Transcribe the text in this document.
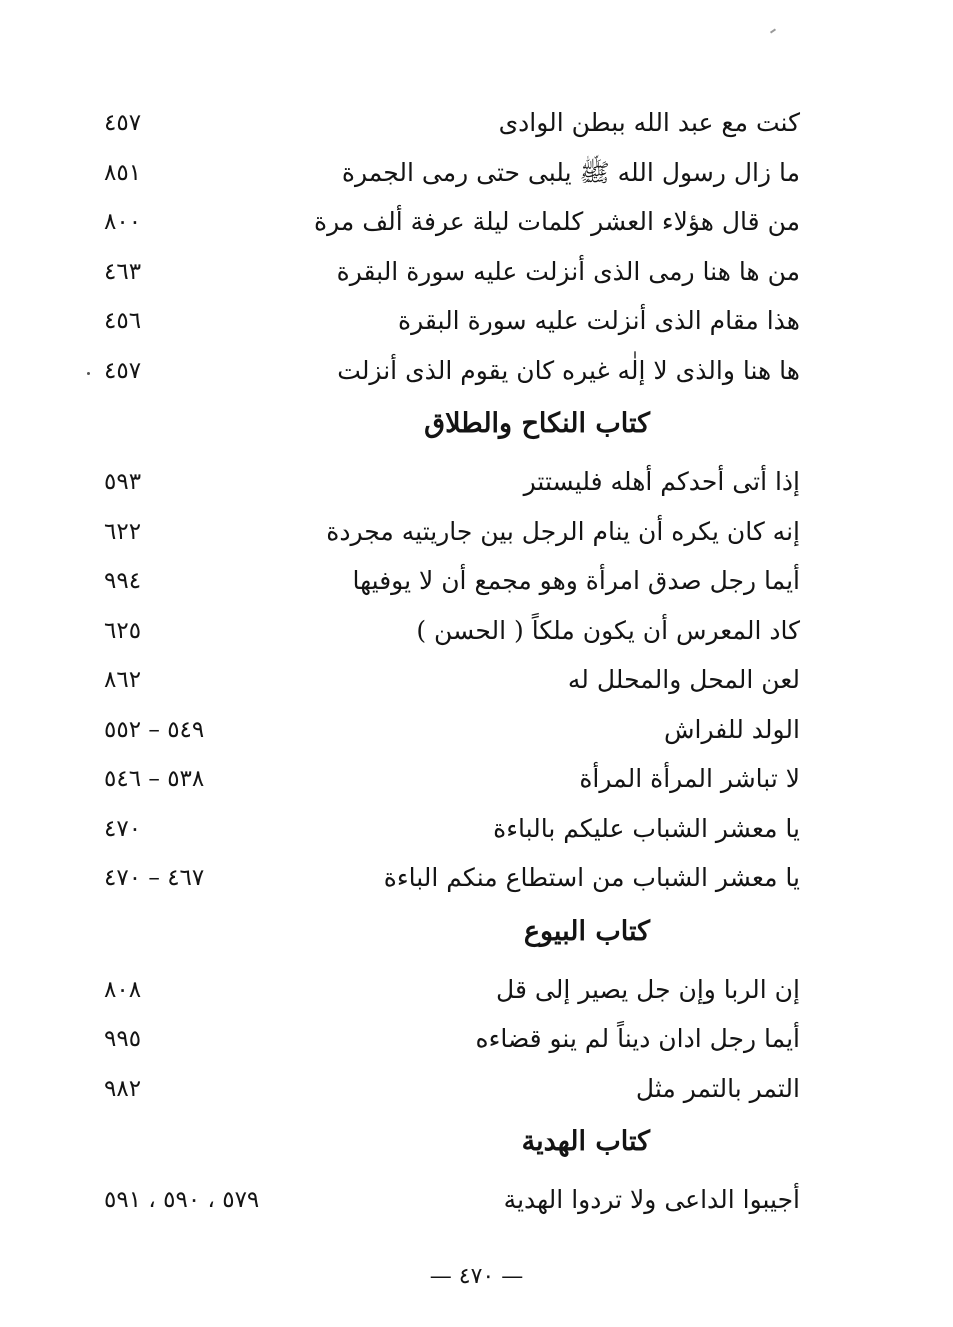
كنت مع عبد الله ببطن الوادى
٤٥٧
ما زال رسول الله ﷺ يلبى حتى رمى الجمرة
٨٥١
من قال هؤلاء العشر كلمات ليلة عرفة ألف مرة
٨٠٠
من ها هنا رمى الذى أنزلت عليه سورة البقرة
٤٦٣
هذا مقام الذى أنزلت عليه سورة البقرة
٤٥٦
ها هنا والذى لا إلٰه غيره كان يقوم الذى أنزلت
٤٥٧
كتاب النكاح والطلاق
إذا أتى أحدكم أهله فليستتر
٥٩٣
إنه كان يكره أن ينام الرجل بين جاريتيه مجردة
٦٢٢
أيما رجل صدق امرأة وهو مجمع أن لا يوفيها
٩٩٤
كاد المعرس أن يكون ملكاً ( الحسن )
٦٢٥
لعن المحل والمحلل له
٨٦٢
الولد للفراش
٥٤٩ – ٥٥٢
لا تباشر المرأة المرأة
٥٣٨ – ٥٤٦
يا معشر الشباب عليكم بالباءة
٤٧٠
يا معشر الشباب من استطاع منكم الباءة
٤٦٧ – ٤٧٠
كتاب البيوع
إن الربا وإن جل يصير إلى قل
٨٠٨
أيما رجل ادان ديناً لم ينو قضاءه
٩٩٥
التمر بالتمر مثل
٩٨٢
كتاب الهدية
أجيبوا الداعى ولا تردوا الهدية
٥٧٩ ، ٥٩٠ ، ٥٩١
— ٤٧٠ —
